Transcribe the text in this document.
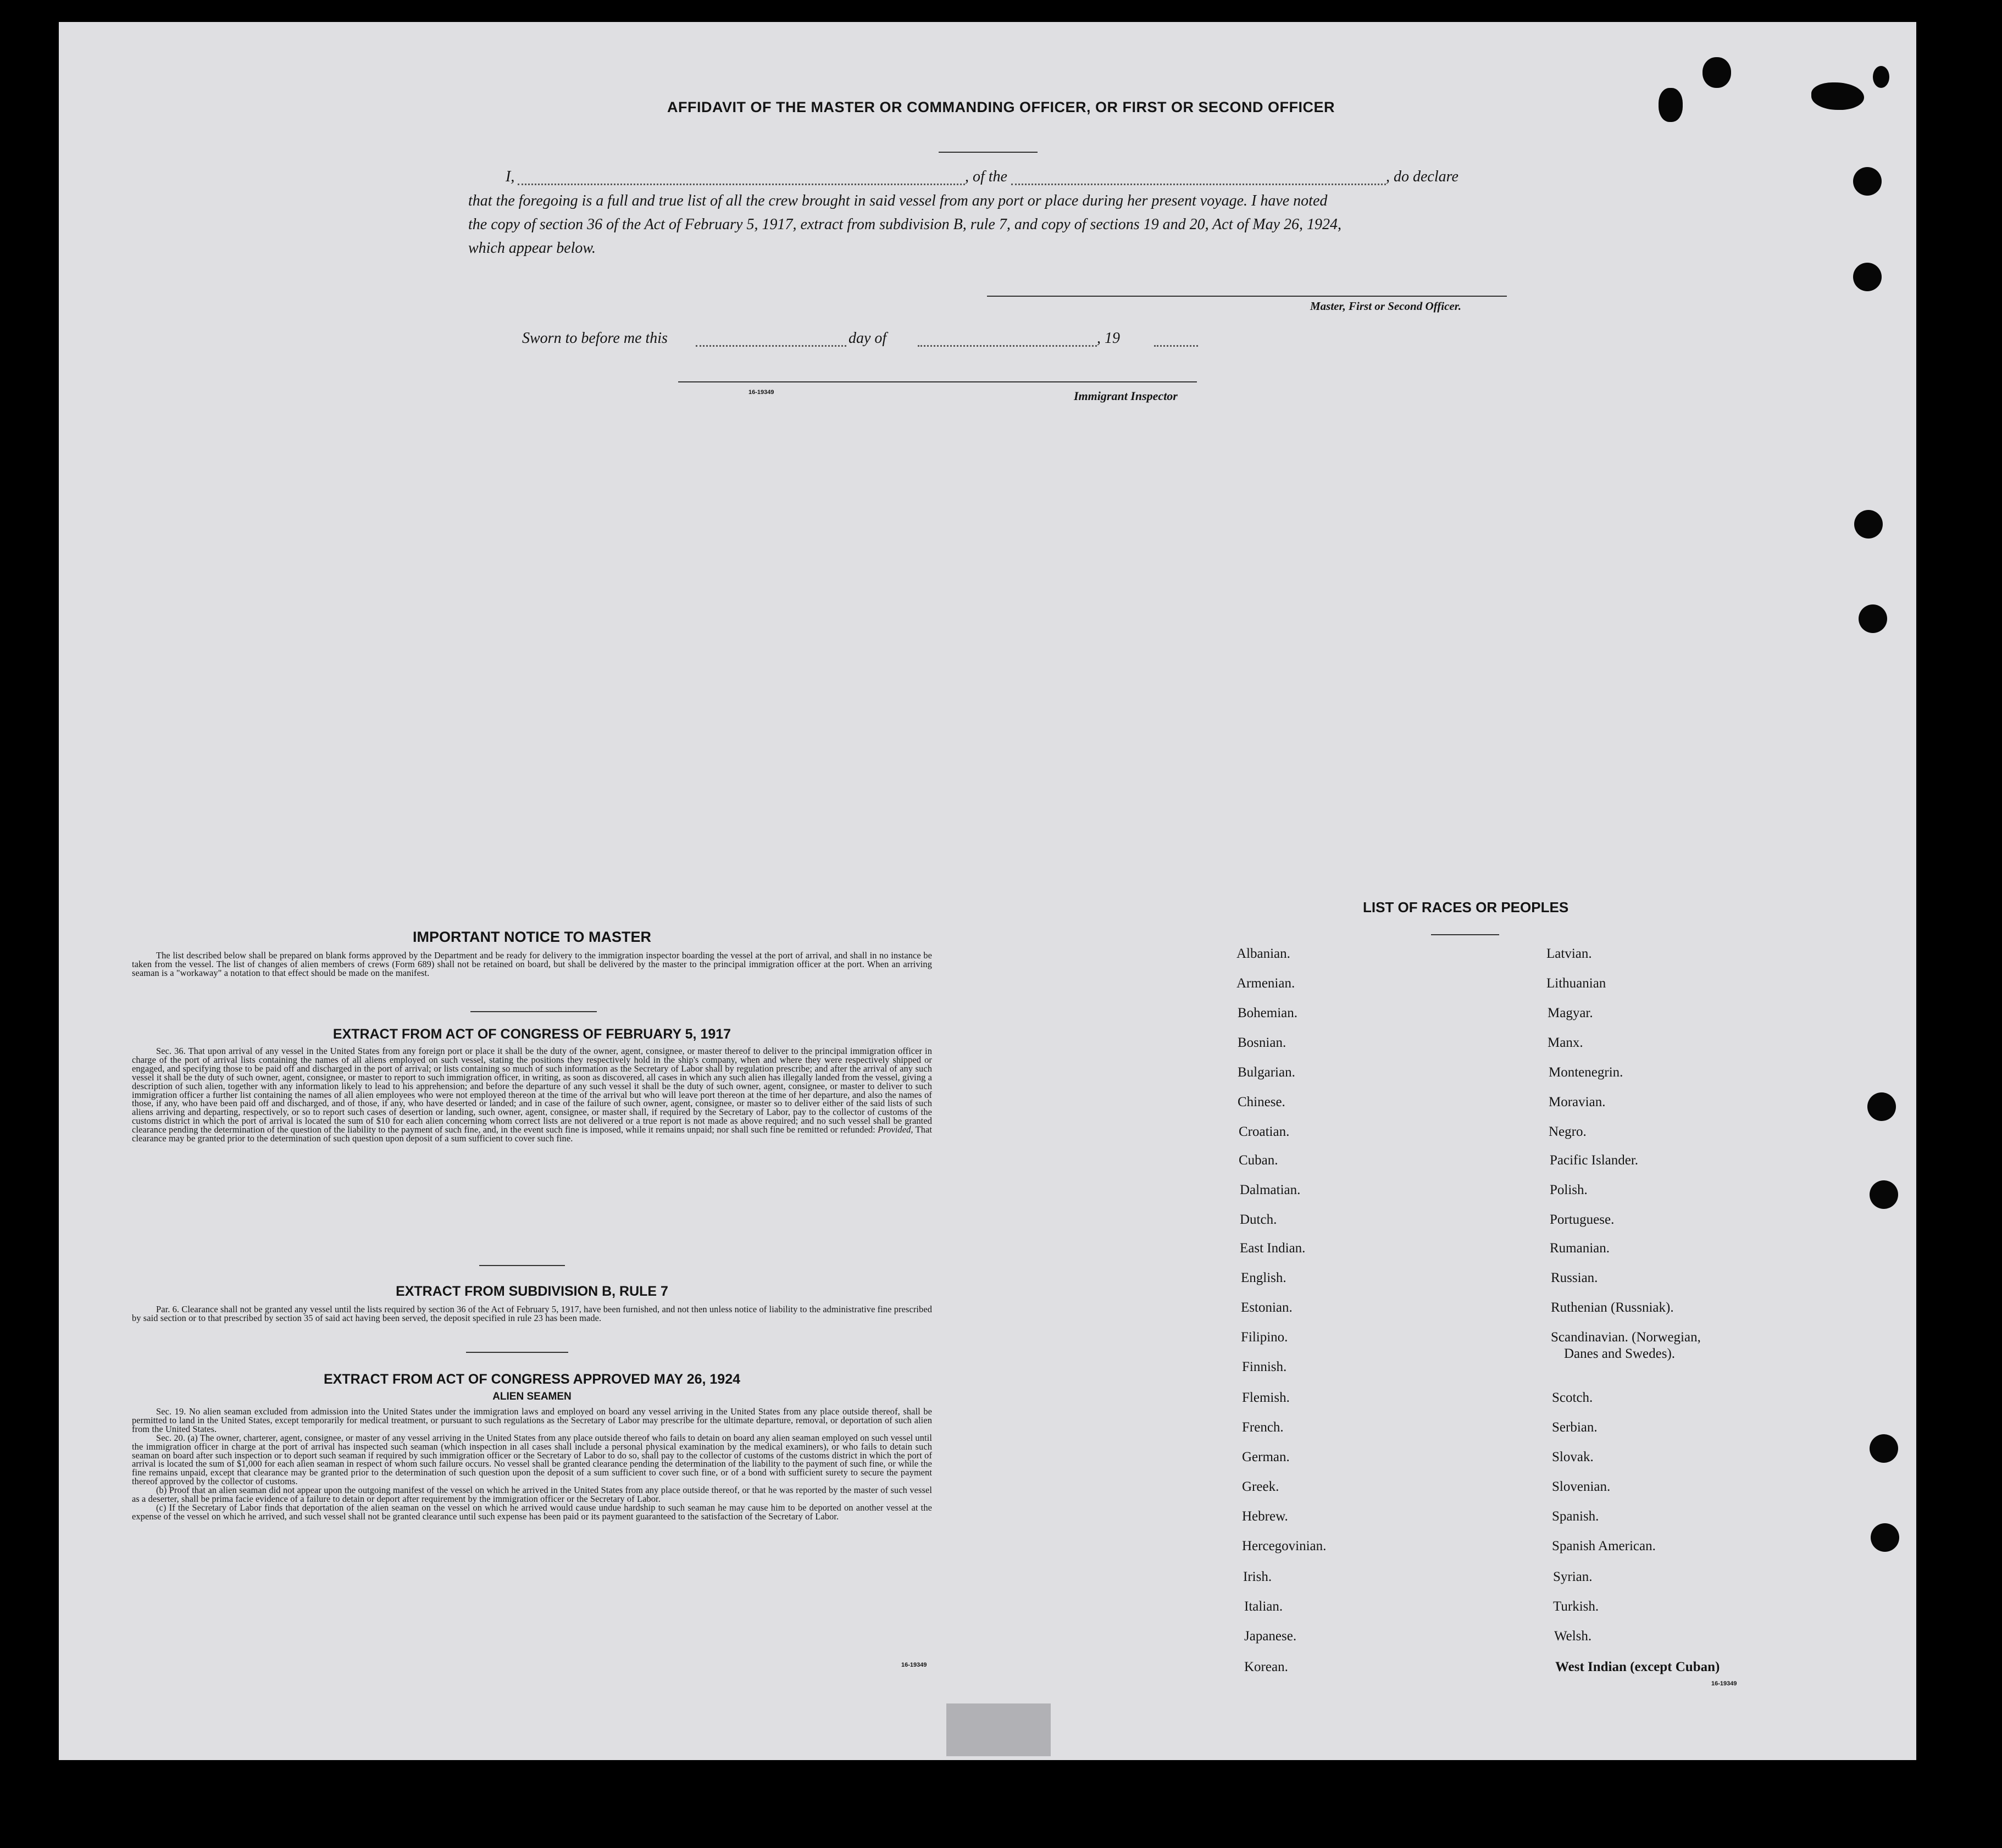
AFFIDAVIT OF THE MASTER OR COMMANDING OFFICER, OR FIRST OR SECOND OFFICER
I,	, of the	, do declare
that the foregoing is a full and true list of all the crew brought in said vessel from any port or place during her present voyage. I have noted
the copy of section 36 of the Act of February 5, 1917, extract from subdivision B, rule 7, and copy of sections 19 and 20, Act of May 26, 1924,
which appear below.
Master, First or Second Officer.
Sworn to before me this	day of	, 19
16-19349	Immigrant Inspector
IMPORTANT NOTICE TO MASTER

The list described below shall be prepared on blank forms approved by the Department and be ready for delivery to the immigration inspector boarding the vessel at the port of arrival, and shall in no instance be taken from the vessel. The list of changes of alien members of crews (Form 689) shall not be retained on board, but shall be delivered by the master to the principal immigration officer at the port. When an arriving seaman is a "workaway" a notation to that effect should be made on the manifest.

EXTRACT FROM ACT OF CONGRESS OF FEBRUARY 5, 1917

Sec. 36. That upon arrival of any vessel in the United States from any foreign port or place it shall be the duty of the owner, agent, consignee, or master thereof to deliver to the principal immigration officer in charge of the port of arrival lists containing the names of all aliens employed on such vessel, stating the positions they respectively hold in the ship's company, when and where they were respectively shipped or engaged, and specifying those to be paid off and discharged in the port of arrival; or lists containing so much of such information as the Secretary of Labor shall by regulation prescribe; and after the arrival of any such vessel it shall be the duty of such owner, agent, consignee, or master to report to such immigration officer, in writing, as soon as discovered, all cases in which any such alien has illegally landed from the vessel, giving a description of such alien, together with any information likely to lead to his apprehension; and before the departure of any such vessel it shall be the duty of such owner, agent, consignee, or master to deliver to such immigration officer a further list containing the names of all alien employees who were not employed thereon at the time of the arrival but who will leave port thereon at the time of her departure, and also the names of those, if any, who have been paid off and discharged, and of those, if any, who have deserted or landed; and in case of the failure of such owner, agent, consignee, or master so to deliver either of the said lists of such aliens arriving and departing, respectively, or so to report such cases of desertion or landing, such owner, agent, consignee, or master shall, if required by the Secretary of Labor, pay to the collector of customs of the customs district in which the port of arrival is located the sum of $10 for each alien concerning whom correct lists are not delivered or a true report is not made as above required; and no such vessel shall be granted clearance pending the determination of the question of the liability to the payment of such fine, and, in the event such fine is imposed, while it remains unpaid; nor shall such fine be remitted or refunded: Provided, That clearance may be granted prior to the determination of such question upon deposit of a sum sufficient to cover such fine.

EXTRACT FROM SUBDIVISION B, RULE 7

Par. 6. Clearance shall not be granted any vessel until the lists required by section 36 of the Act of February 5, 1917, have been furnished, and not then unless notice of liability to the administrative fine prescribed by said section or to that prescribed by section 35 of said act having been served, the deposit specified in rule 23 has been made.

EXTRACT FROM ACT OF CONGRESS APPROVED MAY 26, 1924
ALIEN SEAMEN

Sec. 19. No alien seaman excluded from admission into the United States under the immigration laws and employed on board any vessel arriving in the United States from any place outside thereof, shall be permitted to land in the United States, except temporarily for medical treatment, or pursuant to such regulations as the Secretary of Labor may prescribe for the ultimate departure, removal, or deportation of such alien from the United States.

Sec. 20. (a) The owner, charterer, agent, consignee, or master of any vessel arriving in the United States from any place outside thereof who fails to detain on board any alien seaman employed on such vessel until the immigration officer in charge at the port of arrival has inspected such seaman (which inspection in all cases shall include a personal physical examination by the medical examiners), or who fails to detain such seaman on board after such inspection or to deport such seaman if required by such immigration officer or the Secretary of Labor to do so, shall pay to the collector of customs of the customs district in which the port of arrival is located the sum of $1,000 for each alien seaman in respect of whom such failure occurs. No vessel shall be granted clearance pending the determination of the liability to the payment of such fine, or while the fine remains unpaid, except that clearance may be granted prior to the determination of such question upon the deposit of a sum sufficient to cover such fine, or of a bond with sufficient surety to secure the payment thereof approved by the collector of customs.

(b) Proof that an alien seaman did not appear upon the outgoing manifest of the vessel on which he arrived in the United States from any place outside thereof, or that he was reported by the master of such vessel as a deserter, shall be prima facie evidence of a failure to detain or deport after requirement by the immigration officer or the Secretary of Labor.

(c) If the Secretary of Labor finds that deportation of the alien seaman on the vessel on which he arrived would cause undue hardship to such seaman he may cause him to be deported on another vessel at the expense of the vessel on which he arrived, and such vessel shall not be granted clearance until such expense has been paid or its payment guaranteed to the satisfaction of the Secretary of Labor.

16-19349
LIST OF RACES OR PEOPLES
Albanian.
Armenian.
Bohemian.
Bosnian.
Bulgarian.
Chinese.
Croatian.
Cuban.
Dalmatian.
Dutch.
East Indian.
English.
Estonian.
Filipino.
Finnish.
Flemish.
French.
German.
Greek.
Hebrew.
Hercegovinian.
Irish.
Italian.
Japanese.
Korean.
Latvian.
Lithuanian
Magyar.
Manx.
Montenegrin.
Moravian.
Negro.
Pacific Islander.
Polish.
Portuguese.
Rumanian.
Russian.
Ruthenian (Russniak).
Scandinavian. (Norwegian,
Danes and Swedes).
Scotch.
Serbian.
Slovak.
Slovenian.
Spanish.
Spanish American.
Syrian.
Turkish.
Welsh.
West Indian (except Cuban)
16-19349
